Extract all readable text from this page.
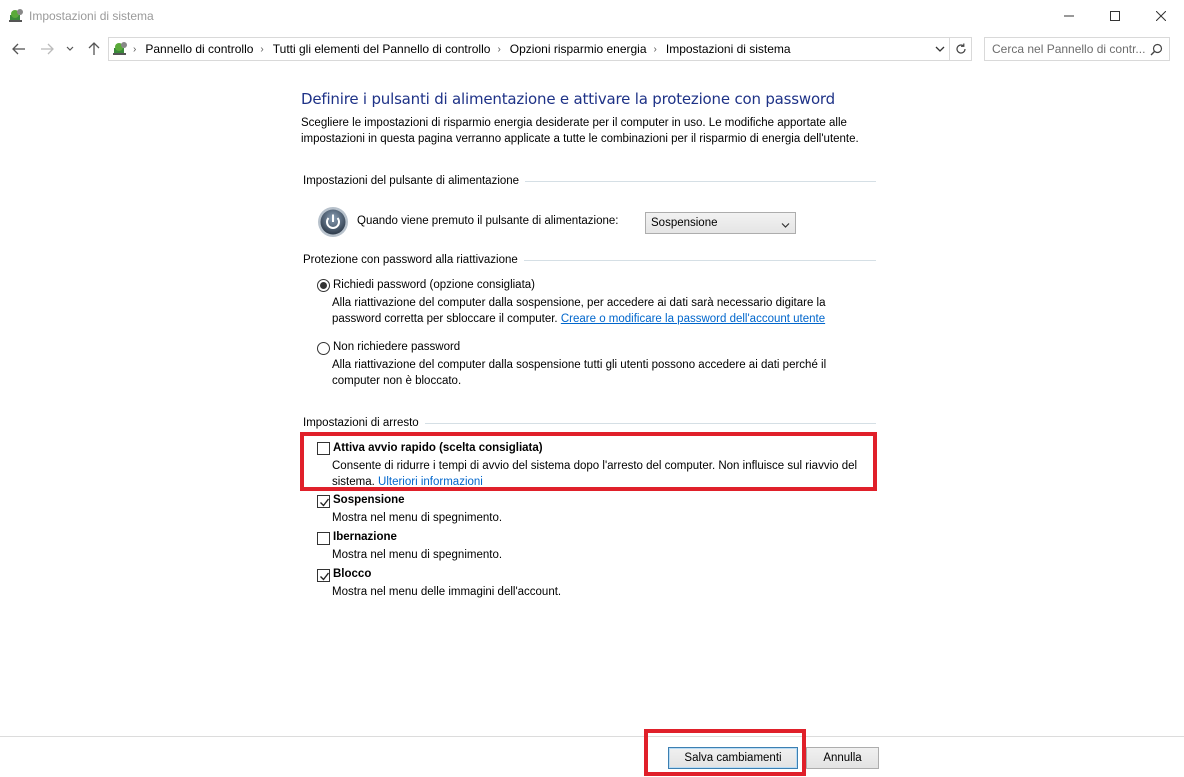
Impostazioni di sistema
› Pannello di controllo › Tutti gli elementi del Pannello di controllo › Opzioni risparmio energia › Impostazioni di sistema	Cerca nel Pannello di contr...
Definire i pulsanti di alimentazione e attivare la protezione con password
Scegliere le impostazioni di risparmio energia desiderate per il computer in uso. Le modifiche apportate alle impostazioni in questa pagina verranno applicate a tutte le combinazioni per il risparmio di energia dell'utente.
Impostazioni del pulsante di alimentazione
Quando viene premuto il pulsante di alimentazione:	Sospensione
Protezione con password alla riattivazione
Richiedi password (opzione consigliata)
Alla riattivazione del computer dalla sospensione, per accedere ai dati sarà necessario digitare la password corretta per sbloccare il computer. Creare o modificare la password dell'account utente
Non richiedere password
Alla riattivazione del computer dalla sospensione tutti gli utenti possono accedere ai dati perché il computer non è bloccato.
Impostazioni di arresto
Attiva avvio rapido (scelta consigliata)
Consente di ridurre i tempi di avvio del sistema dopo l'arresto del computer. Non influisce sul riavvio del sistema. Ulteriori informazioni
Sospensione
Mostra nel menu di spegnimento.
Ibernazione
Mostra nel menu di spegnimento.
Blocco
Mostra nel menu delle immagini dell'account.
Salva cambiamenti	Annulla
